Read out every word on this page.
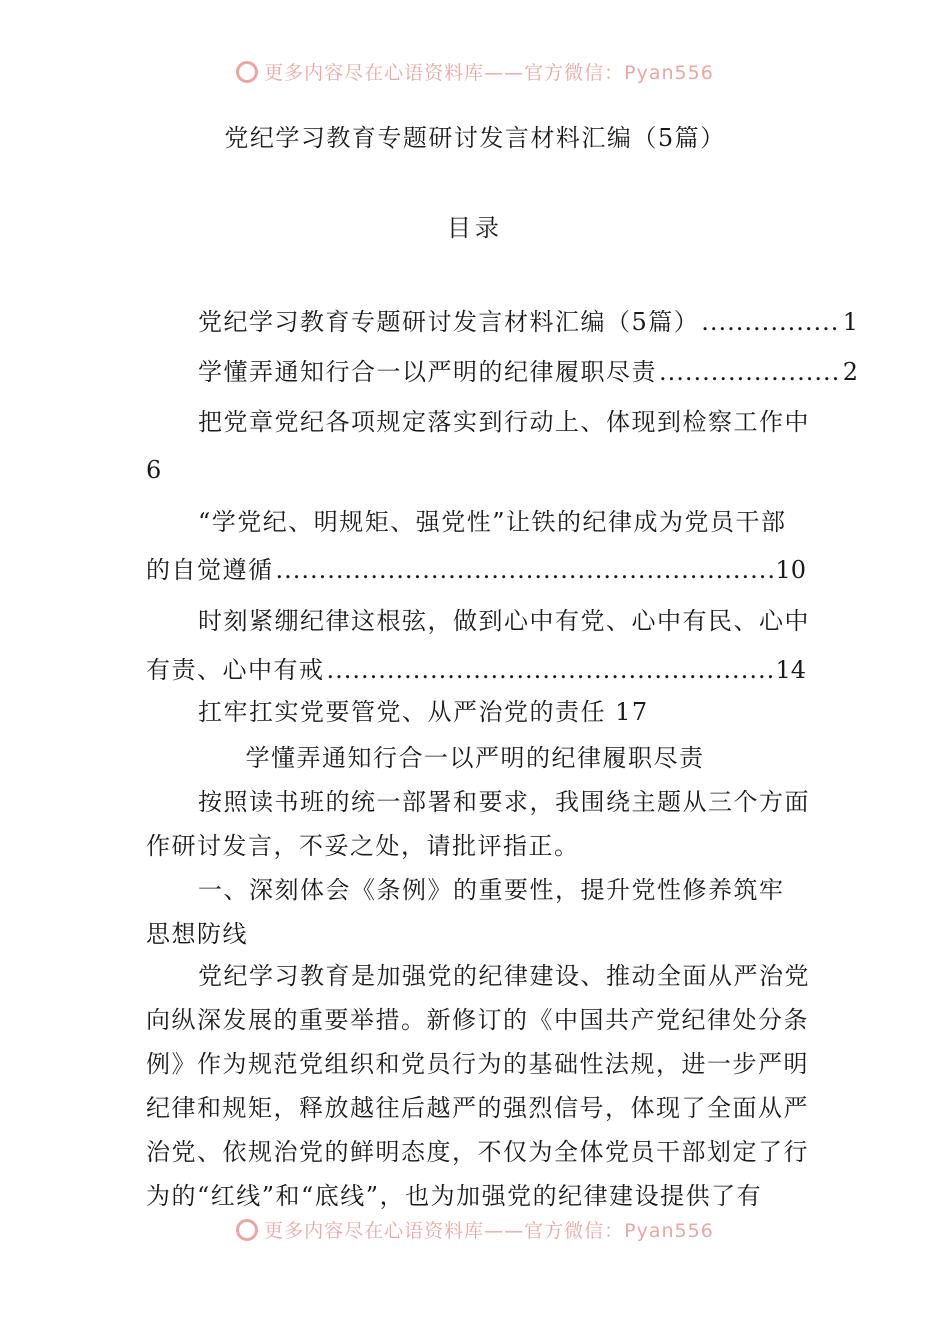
更多内容尽在心语资料库——官方微信：Pyan556
党纪学习教育专题研讨发言材料汇编（5篇）
目录
党纪学习教育专题研讨发言材料汇编（5篇） .....	1
学懂弄通知行合一以严明的纪律履职尽责 .....	2
把党章党纪各项规定落实到行动上、体现到检察工作中
6
“学党纪、明规矩、强党性”让铁的纪律成为党员干部
的自觉遵循 .....	10
时刻紧绷纪律这根弦，做到心中有党、心中有民、心中
有责、心中有戒 .....	14
扛牢扛实党要管党、从严治党的责任 17
学懂弄通知行合一以严明的纪律履职尽责
按照读书班的统一部署和要求，我围绕主题从三个方面
作研讨发言，不妥之处，请批评指正。
一、深刻体会《条例》的重要性，提升党性修养筑牢
思想防线
党纪学习教育是加强党的纪律建设、推动全面从严治党
向纵深发展的重要举措。新修订的《中国共产党纪律处分条
例》作为规范党组织和党员行为的基础性法规，进一步严明
纪律和规矩，释放越往后越严的强烈信号，体现了全面从严
治党、依规治党的鲜明态度，不仅为全体党员干部划定了行
为的“红线”和“底线”，也为加强党的纪律建设提供了有
更多内容尽在心语资料库——官方微信：Pyan556
